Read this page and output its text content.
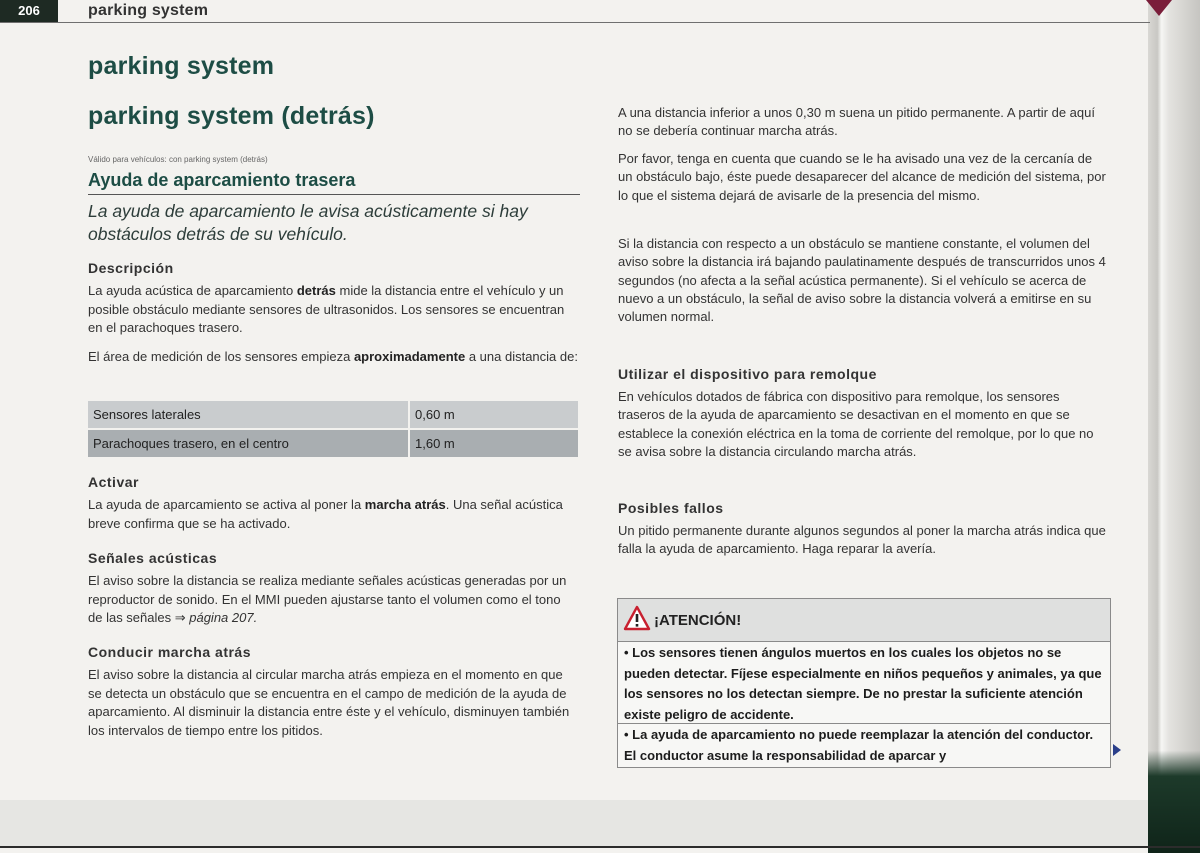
206	parking system
parking system
parking system (detrás)
Válido para vehículos: con parking system (detrás)
Ayuda de aparcamiento trasera
La ayuda de aparcamiento le avisa acústicamente si hay obstáculos detrás de su vehículo.
Descripción
La ayuda acústica de aparcamiento detrás mide la distancia entre el vehículo y un posible obstáculo mediante sensores de ultrasonidos. Los sensores se encuentran en el parachoques trasero.
El área de medición de los sensores empieza aproximadamente a una distancia de:
Sensores laterales	0,60 m
Parachoques trasero, en el centro	1,60 m
Activar
La ayuda de aparcamiento se activa al poner la marcha atrás. Una señal acústica breve confirma que se ha activado.
Señales acústicas
El aviso sobre la distancia se realiza mediante señales acústicas generadas por un reproductor de sonido. En el MMI pueden ajustarse tanto el volumen como el tono de las señales ⇒ página 207.
Conducir marcha atrás
El aviso sobre la distancia al circular marcha atrás empieza en el momento en que se detecta un obstáculo que se encuentra en el campo de medición de la ayuda de aparcamiento. Al disminuir la distancia entre éste y el vehículo, disminuyen también los intervalos de tiempo entre los pitidos.
A una distancia inferior a unos 0,30 m suena un pitido permanente. A partir de aquí no se debería continuar marcha atrás.
Por favor, tenga en cuenta que cuando se le ha avisado una vez de la cercanía de un obstáculo bajo, éste puede desaparecer del alcance de medición del sistema, por lo que el sistema dejará de avisarle de la presencia del mismo.
Si la distancia con respecto a un obstáculo se mantiene constante, el volumen del aviso sobre la distancia irá bajando paulatinamente después de transcurridos unos 4 segundos (no afecta a la señal acústica permanente). Si el vehículo se acerca de nuevo a un obstáculo, la señal de aviso sobre la distancia volverá a emitirse en su volumen normal.
Utilizar el dispositivo para remolque
En vehículos dotados de fábrica con dispositivo para remolque, los sensores traseros de la ayuda de aparcamiento se desactivan en el momento en que se establece la conexión eléctrica en la toma de corriente del remolque, por lo que no se avisa sobre la distancia circulando marcha atrás.
Posibles fallos
Un pitido permanente durante algunos segundos al poner la marcha atrás indica que falla la ayuda de aparcamiento. Haga reparar la avería.
¡ATENCIÓN!
• Los sensores tienen ángulos muertos en los cuales los objetos no se pueden detectar. Fíjese especialmente en niños pequeños y animales, ya que los sensores no los detectan siempre. De no prestar la suficiente atención existe peligro de accidente.
• La ayuda de aparcamiento no puede reemplazar la atención del conductor. El conductor asume la responsabilidad de aparcar y
